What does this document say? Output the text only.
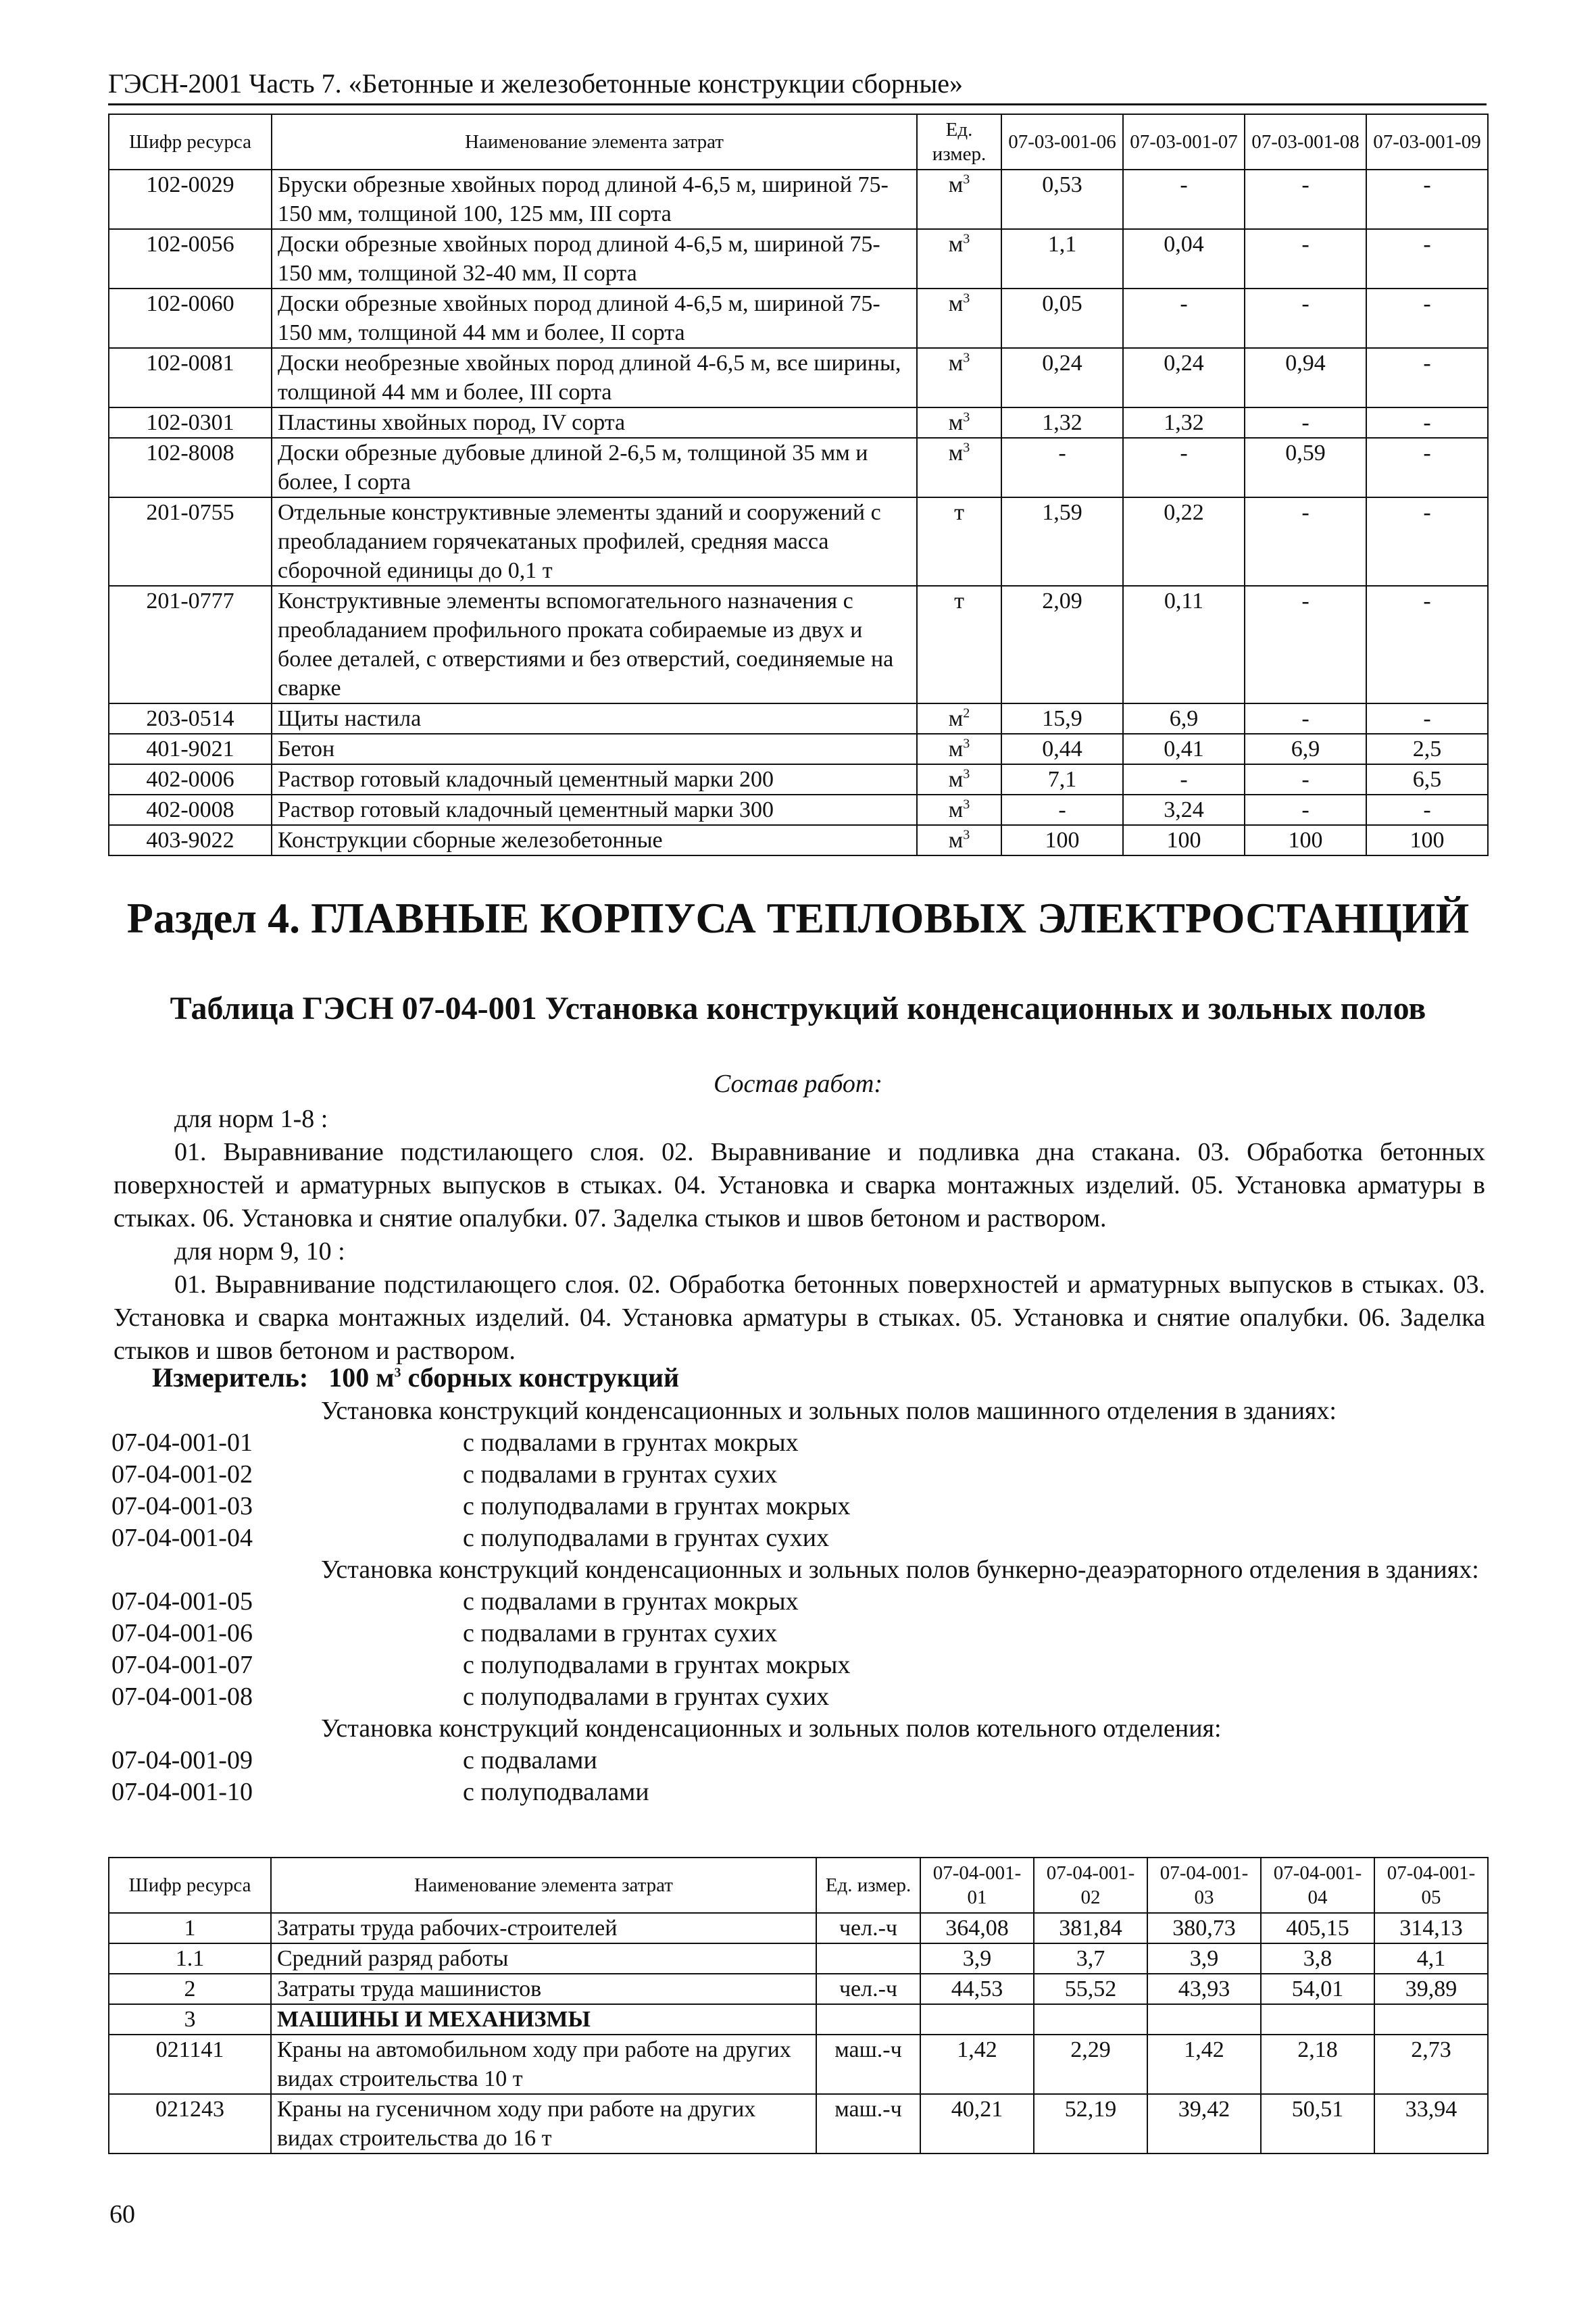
ГЭСН-2001 Часть 7. «Бетонные и железобетонные конструкции сборные»
Шифр ресурса	Наименование элемента затрат	Ед. измер.	07-03-001-06	07-03-001-07	07-03-001-08	07-03-001-09
102-0029	Бруски обрезные хвойных пород длиной 4-6,5 м, шириной 75-150 мм, толщиной 100, 125 мм, III сорта	$м^3$	0,53	-	-	-
102-0056	Доски обрезные хвойных пород длиной 4-6,5 м, шириной 75-150 мм, толщиной 32-40 мм, II сорта	$м^3$	1,1	0,04	-	-
102-0060	Доски обрезные хвойных пород длиной 4-6,5 м, шириной 75-150 мм, толщиной 44 мм и более, II сорта	$м^3$	0,05	-	-	-
102-0081	Доски необрезные хвойных пород длиной 4-6,5 м, все ширины, толщиной 44 мм и более, III сорта	$м^3$	0,24	0,24	0,94	-
102-0301	Пластины хвойных пород, IV сорта	$м^3$	1,32	1,32	-	-
102-8008	Доски обрезные дубовые длиной 2-6,5 м, толщиной 35 мм и более, I сорта	$м^3$	-	-	0,59	-
201-0755	Отдельные конструктивные элементы зданий и сооружений с преобладанием горячекатаных профилей, средняя масса сборочной единицы до 0,1 т	т	1,59	0,22	-	-
201-0777	Конструктивные элементы вспомогательного назначения с преобладанием профильного проката собираемые из двух и более деталей, с отверстиями и без отверстий, соединяемые на сварке	т	2,09	0,11	-	-
203-0514	Щиты настила	$м^2$	15,9	6,9	-	-
401-9021	Бетон	$м^3$	0,44	0,41	6,9	2,5
402-0006	Раствор готовый кладочный цементный марки 200	$м^3$	7,1	-	-	6,5
402-0008	Раствор готовый кладочный цементный марки 300	$м^3$	-	3,24	-	-
403-9022	Конструкции сборные железобетонные	$м^3$	100	100	100	100
Раздел 4. ГЛАВНЫЕ КОРПУСА ТЕПЛОВЫХ ЭЛЕКТРОСТАНЦИЙ
Таблица ГЭСН 07-04-001 Установка конструкций конденсационных и зольных полов
Состав работ:
для норм 1-8 :
01. Выравнивание подстилающего слоя. 02. Выравнивание и подливка дна стакана. 03. Обработка бетонных поверхностей и арматурных выпусков в стыках. 04. Установка и сварка монтажных изделий. 05. Установка арматуры в стыках. 06. Установка и снятие опалубки. 07. Заделка стыков и швов бетоном и раствором.
для норм 9, 10 :
01. Выравнивание подстилающего слоя. 02. Обработка бетонных поверхностей и арматурных выпусков в стыках. 03. Установка и сварка монтажных изделий. 04. Установка арматуры в стыках. 05. Установка и снятие опалубки. 06. Заделка стыков и швов бетоном и раствором.
Измеритель: 100 $м^3$ сборных конструкций
Установка конструкций конденсационных и зольных полов машинного отделения в зданиях:
07-04-001-01	с подвалами в грунтах мокрых
07-04-001-02	с подвалами в грунтах сухих
07-04-001-03	с полуподвалами в грунтах мокрых
07-04-001-04	с полуподвалами в грунтах сухих
Установка конструкций конденсационных и зольных полов бункерно-деаэраторного отделения в зданиях:
07-04-001-05	с подвалами в грунтах мокрых
07-04-001-06	с подвалами в грунтах сухих
07-04-001-07	с полуподвалами в грунтах мокрых
07-04-001-08	с полуподвалами в грунтах сухих
Установка конструкций конденсационных и зольных полов котельного отделения:
07-04-001-09	с подвалами
07-04-001-10	с полуподвалами
Шифр ресурса	Наименование элемента затрат	Ед. измер.	07-04-001-01	07-04-001-02	07-04-001-03	07-04-001-04	07-04-001-05
1	Затраты труда рабочих-строителей	чел.-ч	364,08	381,84	380,73	405,15	314,13
1.1	Средний разряд работы		3,9	3,7	3,9	3,8	4,1
2	Затраты труда машинистов	чел.-ч	44,53	55,52	43,93	54,01	39,89
3	МАШИНЫ И МЕХАНИЗМЫ						
021141	Краны на автомобильном ходу при работе на других видах строительства 10 т	маш.-ч	1,42	2,29	1,42	2,18	2,73
021243	Краны на гусеничном ходу при работе на других видах строительства до 16 т	маш.-ч	40,21	52,19	39,42	50,51	33,94
60
